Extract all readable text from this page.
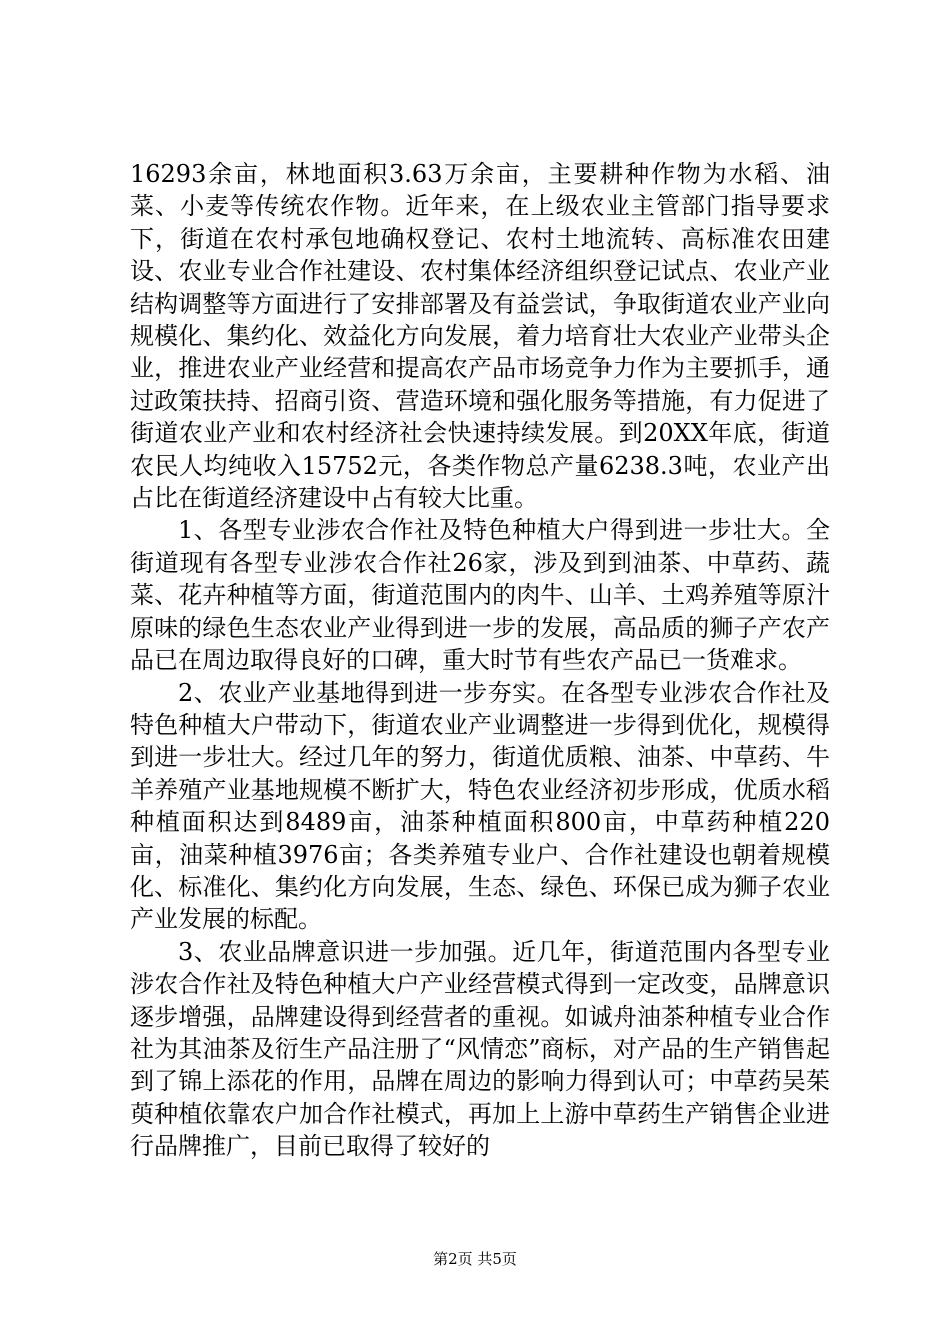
16293余亩，林地面积3.63万余亩，主要耕种作物为水稻、油菜、小麦等传统农作物。近年来，在上级农业主管部门指导要求下，街道在农村承包地确权登记、农村土地流转、高标准农田建设、农业专业合作社建设、农村集体经济组织登记试点、农业产业结构调整等方面进行了安排部署及有益尝试，争取街道农业产业向规模化、集约化、效益化方向发展，着力培育壮大农业产业带头企业，推进农业产业经营和提高农产品市场竞争力作为主要抓手，通过政策扶持、招商引资、营造环境和强化服务等措施，有力促进了街道农业产业和农村经济社会快速持续发展。到20XX年底，街道农民人均纯收入15752元，各类作物总产量6238.3吨，农业产出占比在街道经济建设中占有较大比重。

1、各型专业涉农合作社及特色种植大户得到进一步壮大。全街道现有各型专业涉农合作社26家，涉及到到油茶、中草药、蔬菜、花卉种植等方面，街道范围内的肉牛、山羊、土鸡养殖等原汁原味的绿色生态农业产业得到进一步的发展，高品质的狮子产农产品已在周边取得良好的口碑，重大时节有些农产品已一货难求。

2、农业产业基地得到进一步夯实。在各型专业涉农合作社及特色种植大户带动下，街道农业产业调整进一步得到优化，规模得到进一步壮大。经过几年的努力，街道优质粮、油茶、中草药、牛羊养殖产业基地规模不断扩大，特色农业经济初步形成，优质水稻种植面积达到8489亩，油茶种植面积800亩，中草药种植220亩，油菜种植3976亩；各类养殖专业户、合作社建设也朝着规模化、标准化、集约化方向发展，生态、绿色、环保已成为狮子农业产业发展的标配。

3、农业品牌意识进一步加强。近几年，街道范围内各型专业涉农合作社及特色种植大户产业经营模式得到一定改变，品牌意识逐步增强，品牌建设得到经营者的重视。如诚舟油茶种植专业合作社为其油茶及衍生产品注册了“风情恋”商标，对产品的生产销售起到了锦上添花的作用，品牌在周边的影响力得到认可；中草药吴茱萸种植依靠农户加合作社模式，再加上上游中草药生产销售企业进行品牌推广，目前已取得了较好的

第2页 共5页
